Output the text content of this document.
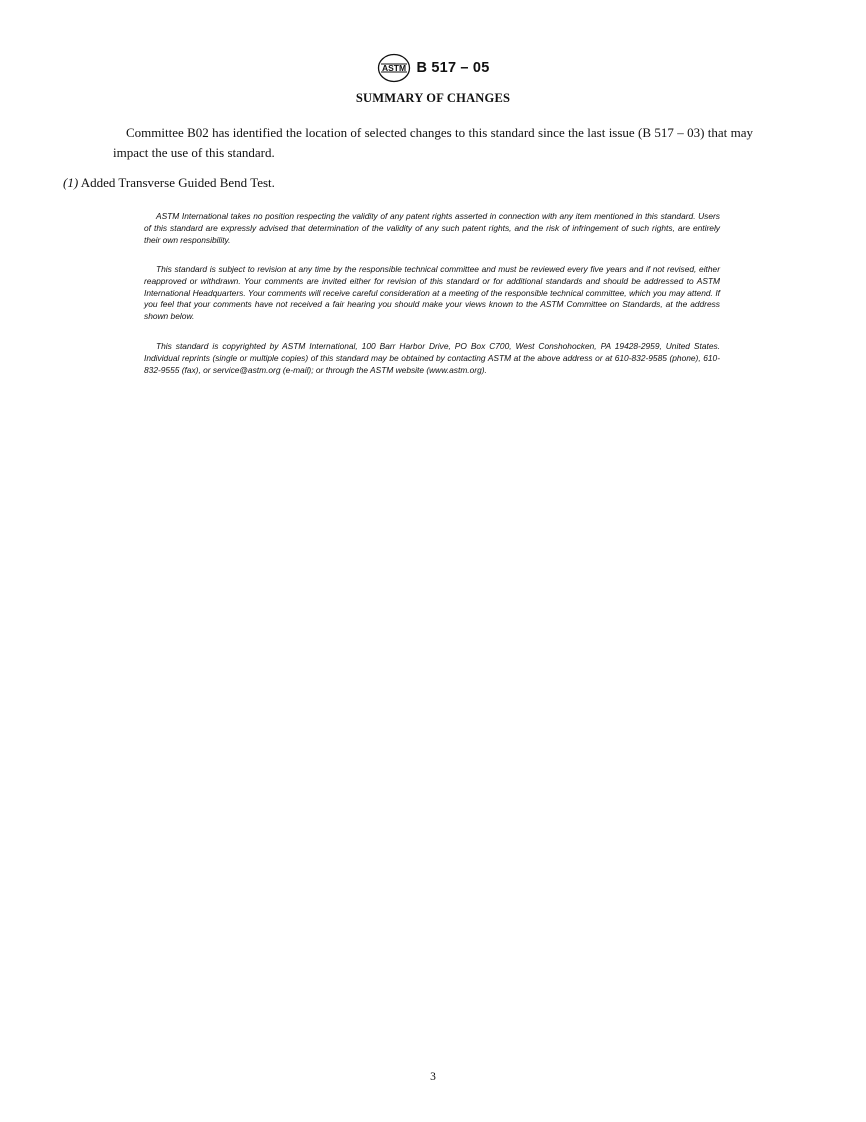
ASTM B 517 – 05
SUMMARY OF CHANGES

Committee B02 has identified the location of selected changes to this standard since the last issue (B 517 – 03) that may impact the use of this standard.

(1) Added Transverse Guided Bend Test.

ASTM International takes no position respecting the validity of any patent rights asserted in connection with any item mentioned in this standard. Users of this standard are expressly advised that determination of the validity of any such patent rights, and the risk of infringement of such rights, are entirely their own responsibility.

This standard is subject to revision at any time by the responsible technical committee and must be reviewed every five years and if not revised, either reapproved or withdrawn. Your comments are invited either for revision of this standard or for additional standards and should be addressed to ASTM International Headquarters. Your comments will receive careful consideration at a meeting of the responsible technical committee, which you may attend. If you feel that your comments have not received a fair hearing you should make your views known to the ASTM Committee on Standards, at the address shown below.

This standard is copyrighted by ASTM International, 100 Barr Harbor Drive, PO Box C700, West Conshohocken, PA 19428-2959, United States. Individual reprints (single or multiple copies) of this standard may be obtained by contacting ASTM at the above address or at 610-832-9585 (phone), 610-832-9555 (fax), or service@astm.org (e-mail); or through the ASTM website (www.astm.org).

3
